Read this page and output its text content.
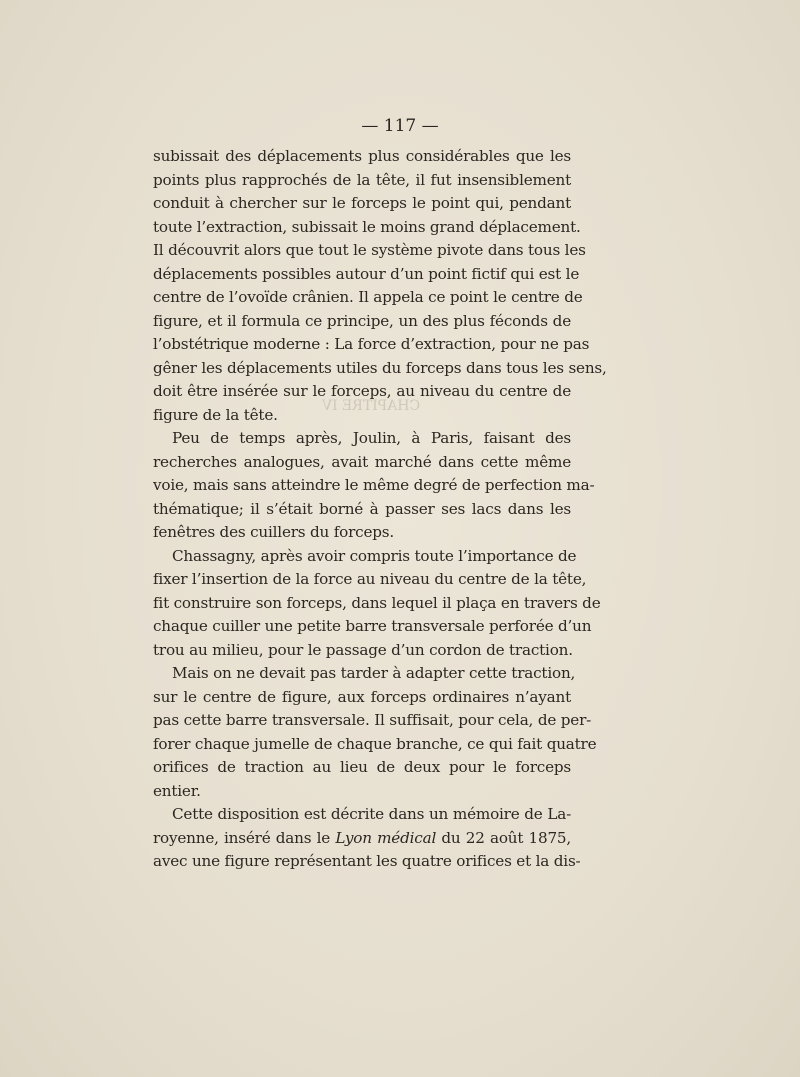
CHAPITRE IV
— 117 —
subissait des déplacements plus considérables que les
points plus rapprochés de la tête, il fut insensiblement
conduit à chercher sur le forceps le point qui, pendant
toute l’extraction, subissait le moins grand déplacement.
Il découvrit alors que tout le système pivote dans tous les
déplacements possibles autour d’un point fictif qui est le
centre de l’ovoïde crânien. Il appela ce point le centre de
figure, et il formula ce principe, un des plus féconds de
l’obstétrique moderne : La force d’extraction, pour ne pas
gêner les déplacements utiles du forceps dans tous les sens,
doit être insérée sur le forceps, au niveau du centre de
figure de la tête.
Peu de temps après, Joulin, à Paris, faisant des
recherches analogues, avait marché dans cette même
voie, mais sans atteindre le même degré de perfection ma-
thématique; il s’était borné à passer ses lacs dans les
fenêtres des cuillers du forceps.
Chassagny, après avoir compris toute l’importance de
fixer l’insertion de la force au niveau du centre de la tête,
fit construire son forceps, dans lequel il plaça en travers de
chaque cuiller une petite barre transversale perforée d’un
trou au milieu, pour le passage d’un cordon de traction.
Mais on ne devait pas tarder à adapter cette traction,
sur le centre de figure, aux forceps ordinaires n’ayant
pas cette barre transversale. Il suffisait, pour cela, de per-
forer chaque jumelle de chaque branche, ce qui fait quatre
orifices de traction au lieu de deux pour le forceps
entier.
Cette disposition est décrite dans un mémoire de La-
royenne, inséré dans le Lyon médical du 22 août 1875,
avec une figure représentant les quatre orifices et la dis-
